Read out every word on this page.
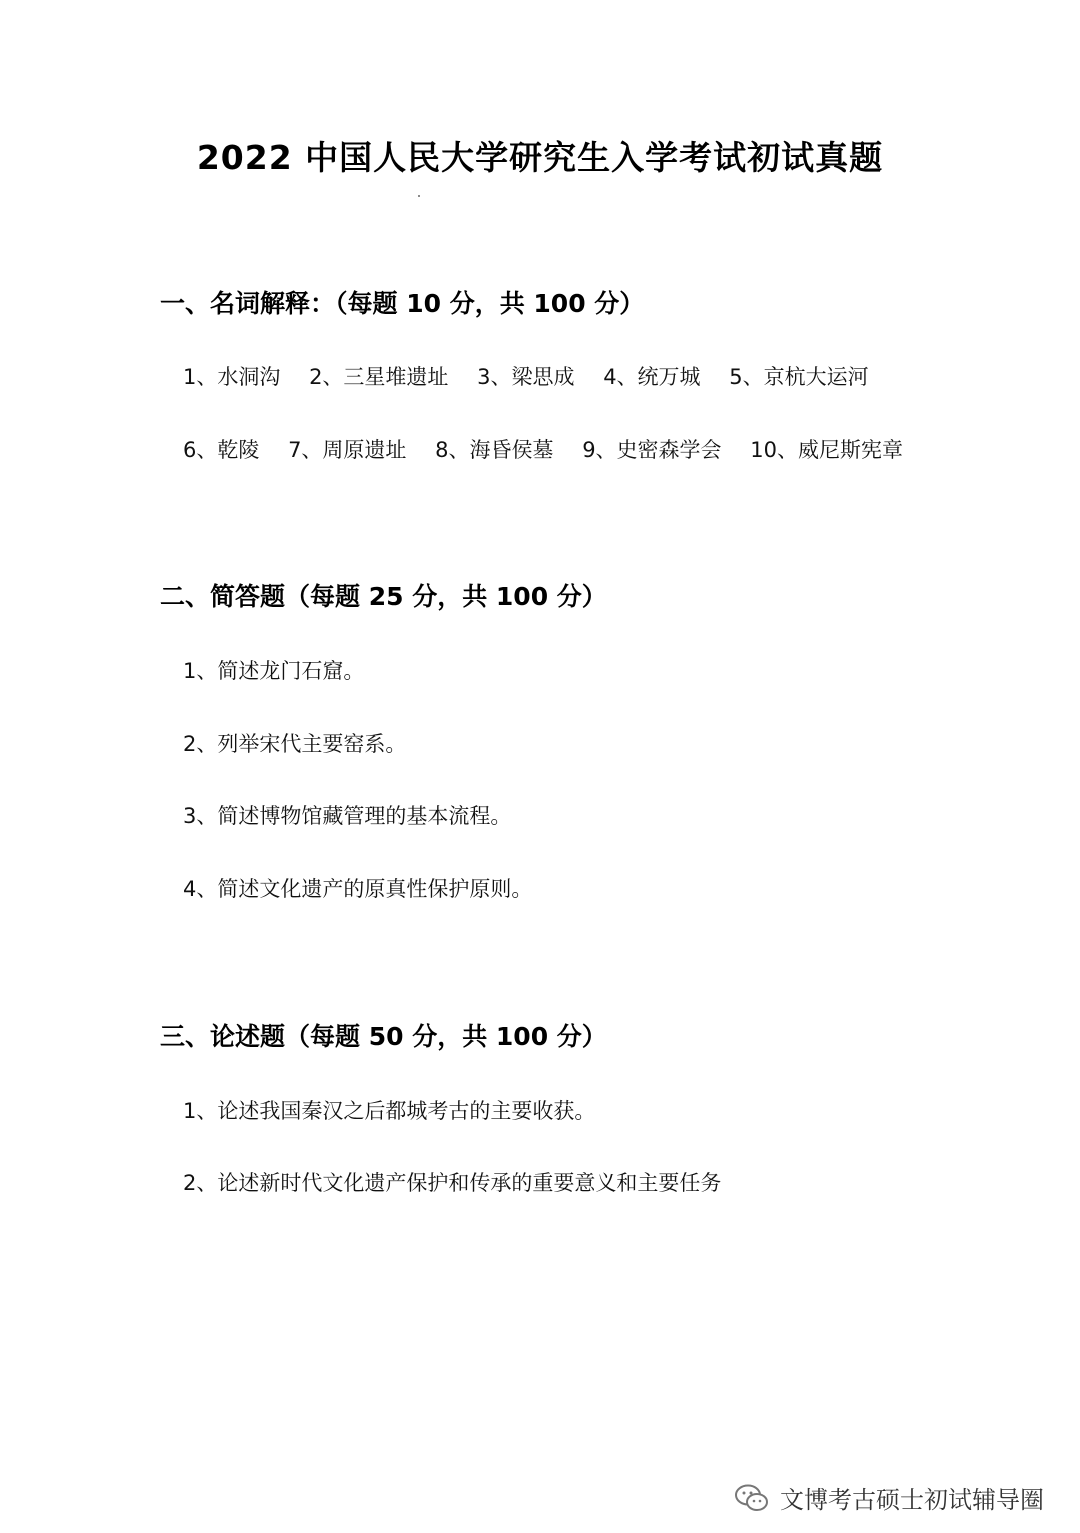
2022 中国人民大学研究生入学考试初试真题
一、名词解释：（每题 10 分，共 100 分）
1、水洞沟 2、三星堆遗址 3、梁思成 4、统万城 5、京杭大运河
6、乾陵 7、周原遗址 8、海昏侯墓 9、史密森学会 10、威尼斯宪章
二、简答题（每题 25 分，共 100 分）
1、简述龙门石窟。
2、列举宋代主要窑系。
3、简述博物馆藏管理的基本流程。
4、简述文化遗产的原真性保护原则。
三、论述题（每题 50 分，共 100 分）
1、论述我国秦汉之后都城考古的主要收获。
2、论述新时代文化遗产保护和传承的重要意义和主要任务
文博考古硕士初试辅导圈
